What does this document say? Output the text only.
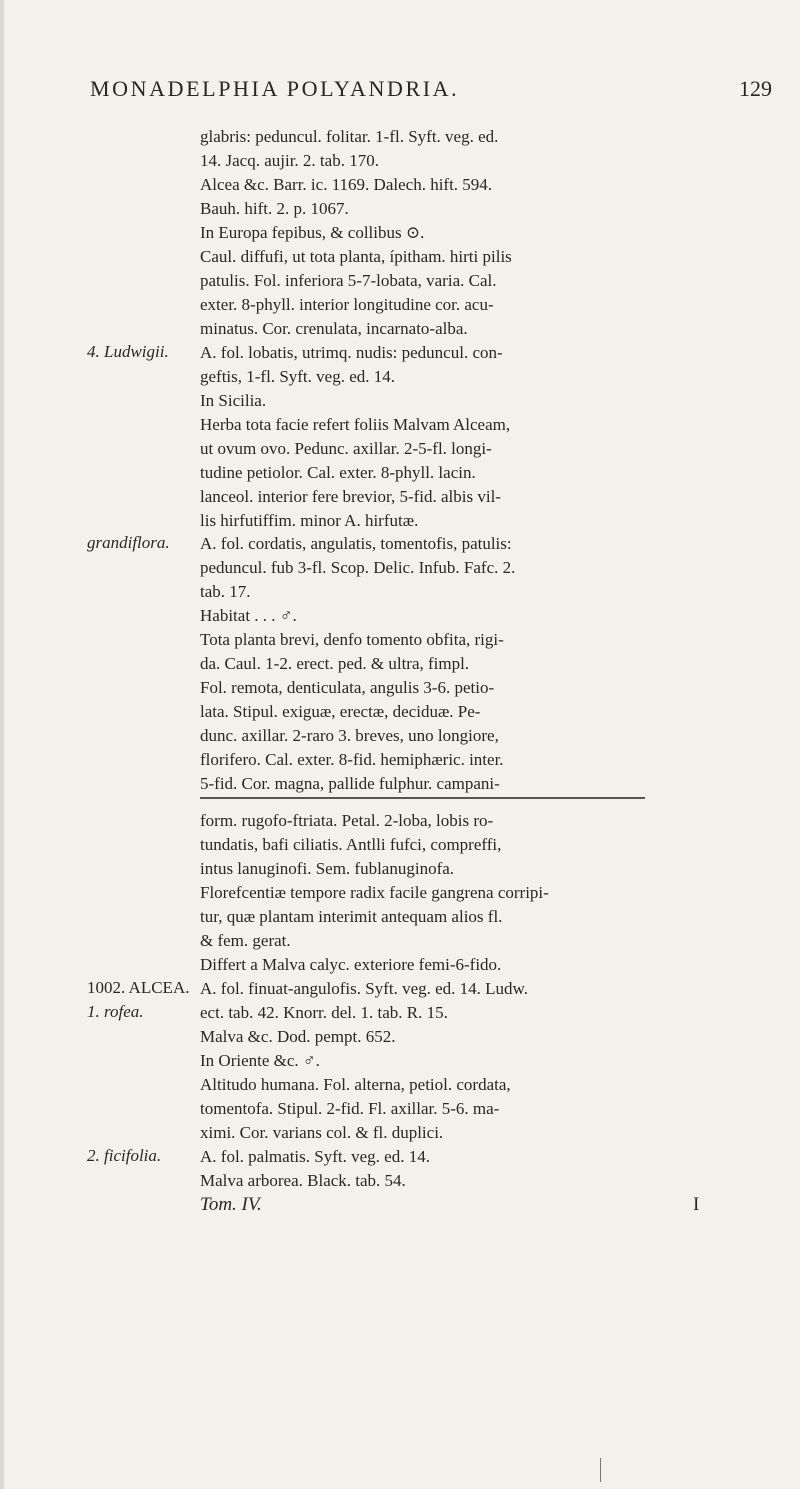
MONADELPHIA POLYANDRIA.	129
glabris: peduncul. folitar. 1-fl. Syft. veg. ed.
14. Jacq. aujir. 2. tab. 170.
Alcea &c. Barr. ic. 1169. Dalech. hift. 594.
Bauh. hift. 2. p. 1067.
In Europa fepibus, & collibus ⊙.
Caul. diffufi, ut tota planta, ípitham. hirti pilis
patulis. Fol. inferiora 5-7-lobata, varia. Cal.
exter. 8-phyll. interior longitudine cor. acu-
minatus. Cor. crenulata, incarnato-alba.
A. fol. lobatis, utrimq. nudis: peduncul. con-
geftis, 1-fl. Syft. veg. ed. 14.
In Sicilia.
Herba tota facie refert foliis Malvam Alceam,
ut ovum ovo. Pedunc. axillar. 2-5-fl. longi-
tudine petiolor. Cal. exter. 8-phyll. lacin.
lanceol. interior fere brevior, 5-fid. albis vil-
lis hirfutiffim. minor A. hirfutæ.
A. fol. cordatis, angulatis, tomentofis, patulis:
peduncul. fub 3-fl. Scop. Delic. Infub. Fafc. 2.
tab. 17.
Habitat . . . ♂.
Tota planta brevi, denfo tomento obfita, rigi-
da. Caul. 1-2. erect. ped. & ultra, fimpl.
Fol. remota, denticulata, angulis 3-6. petio-
lata. Stipul. exiguæ, erectæ, deciduæ. Pe-
dunc. axillar. 2-raro 3. breves, uno longiore,
florifero. Cal. exter. 8-fid. hemiphæric. inter.
5-fid. Cor. magna, pallide fulphur. campani-
form. rugofo-ftriata. Petal. 2-loba, lobis ro-
tundatis, bafi ciliatis. Antlli fufci, compreffi,
intus lanuginofi. Sem. fublanuginofa.
Florefcentiæ tempore radix facile gangrena corripi-
tur, quæ plantam interimit antequam alios fl.
& fem. gerat.
Differt a Malva calyc. exteriore femi-6-fido.
A. fol. finuat-angulofis. Syft. veg. ed. 14. Ludw.
ect. tab. 42. Knorr. del. 1. tab. R. 15.
Malva &c. Dod. pempt. 652.
In Oriente &c. ♂.
Altitudo humana. Fol. alterna, petiol. cordata,
tomentofa. Stipul. 2-fid. Fl. axillar. 5-6. ma-
ximi. Cor. varians col. & fl. duplici.
A. fol. palmatis. Syft. veg. ed. 14.
Malva arborea. Black. tab. 54.
4. Ludwigii.
grandiflora.
1002. ALCEA.
1. rofea.
2. ficifolia.
Tom. IV.	I
